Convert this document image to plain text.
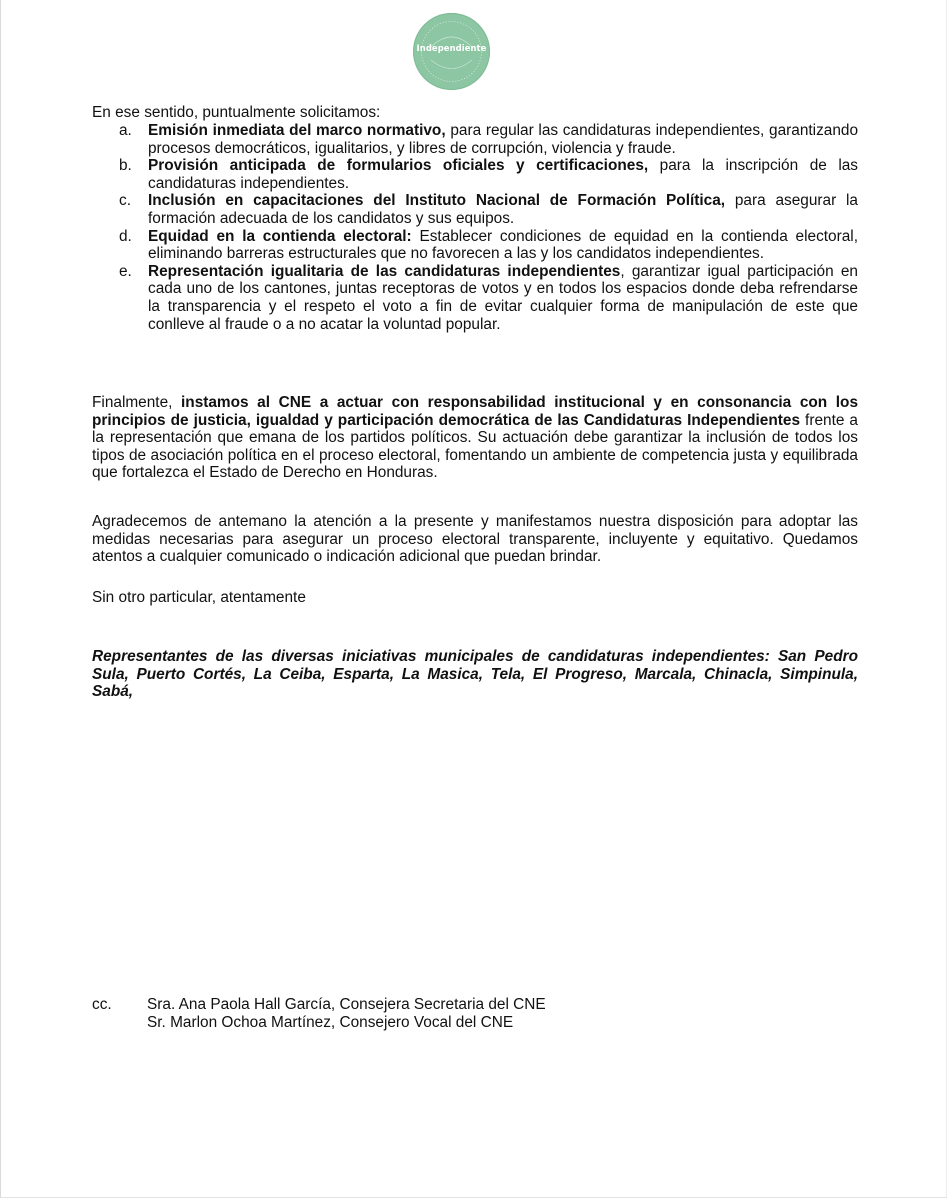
Independiente
En ese sentido, puntualmente solicitamos:
a. Emisión inmediata del marco normativo, para regular las candidaturas independientes, garantizando procesos democráticos, igualitarios, y libres de corrupción, violencia y fraude.
b. Provisión anticipada de formularios oficiales y certificaciones, para la inscripción de las candidaturas independientes.
c. Inclusión en capacitaciones del Instituto Nacional de Formación Política, para asegurar la formación adecuada de los candidatos y sus equipos.
d. Equidad en la contienda electoral: Establecer condiciones de equidad en la contienda electoral, eliminando barreras estructurales que no favorecen a las y los candidatos independientes.
e. Representación igualitaria de las candidaturas independientes, garantizar igual participación en cada uno de los cantones, juntas receptoras de votos y en todos los espacios donde deba refrendarse la transparencia y el respeto el voto a fin de evitar cualquier forma de manipulación de este que conlleve al fraude o a no acatar la voluntad popular.
Finalmente, instamos al CNE a actuar con responsabilidad institucional y en consonancia con los principios de justicia, igualdad y participación democrática de las Candidaturas Independientes frente a la representación que emana de los partidos políticos. Su actuación debe garantizar la inclusión de todos los tipos de asociación política en el proceso electoral, fomentando un ambiente de competencia justa y equilibrada que fortalezca el Estado de Derecho en Honduras.
Agradecemos de antemano la atención a la presente y manifestamos nuestra disposición para adoptar las medidas necesarias para asegurar un proceso electoral transparente, incluyente y equitativo. Quedamos atentos a cualquier comunicado o indicación adicional que puedan brindar.
Sin otro particular, atentamente
Representantes de las diversas iniciativas municipales de candidaturas independientes: San Pedro Sula, Puerto Cortés, La Ceiba, Esparta, La Masica, Tela, El Progreso, Marcala, Chinacla, Simpinula, Sabá,
cc. Sra. Ana Paola Hall García, Consejera Secretaria del CNE
Sr. Marlon Ochoa Martínez, Consejero Vocal del CNE
